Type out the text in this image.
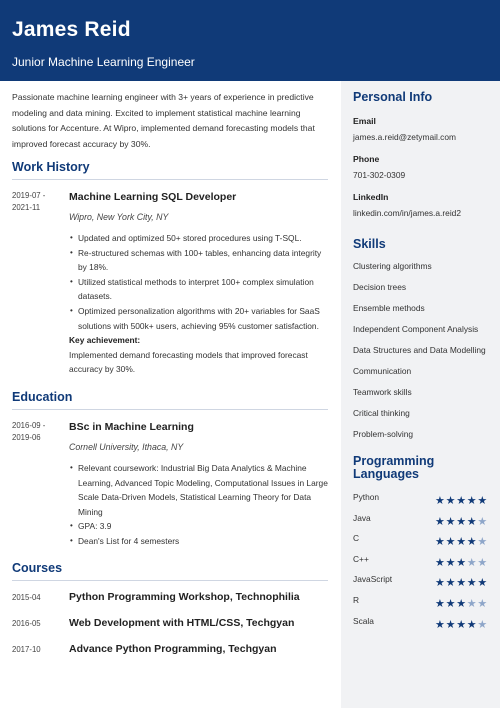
James Reid
Junior Machine Learning Engineer

Passionate machine learning engineer with 3+ years of experience in predictive modeling and data mining. Excited to implement statistical machine learning solutions for Accenture. At Wipro, implemented demand forecasting models that improved forecast accuracy by 30%.

Work History
2019-07 - 2021-11
Machine Learning SQL Developer
Wipro, New York City, NY
• Updated and optimized 50+ stored procedures using T-SQL.
• Re-structured schemas with 100+ tables, enhancing data integrity by 18%.
• Utilized statistical methods to interpret 100+ complex simulation datasets.
• Optimized personalization algorithms with 20+ variables for SaaS solutions with 500k+ users, achieving 95% customer satisfaction.
Key achievement:
Implemented demand forecasting models that improved forecast accuracy by 30%.
Education
2016-09 - 2019-06
BSc in Machine Learning
Cornell University, Ithaca, NY
• Relevant coursework: Industrial Big Data Analytics & Machine Learning, Advanced Topic Modeling, Computational Issues in Large Scale Data-Driven Models, Statistical Learning Theory for Data Mining
• GPA: 3.9
• Dean's List for 4 semesters
Courses
2015-04	Python Programming Workshop, Technophilia
2016-05	Web Development with HTML/CSS, Techgyan
2017-10	Advance Python Programming, Techgyan
Personal Info
Email
james.a.reid@zetymail.com
Phone
701-302-0309
LinkedIn
linkedin.com/in/james.a.reid2
Skills
Clustering algorithms
Decision trees
Ensemble methods
Independent Component Analysis
Data Structures and Data Modelling
Communication
Teamwork skills
Critical thinking
Problem-solving
Programming
Languages
Python	★★★★★
Java	★★★★★
C	★★★★★
C++	★★★★★
JavaScript	★★★★★
R	★★★★★
Scala	★★★★★
